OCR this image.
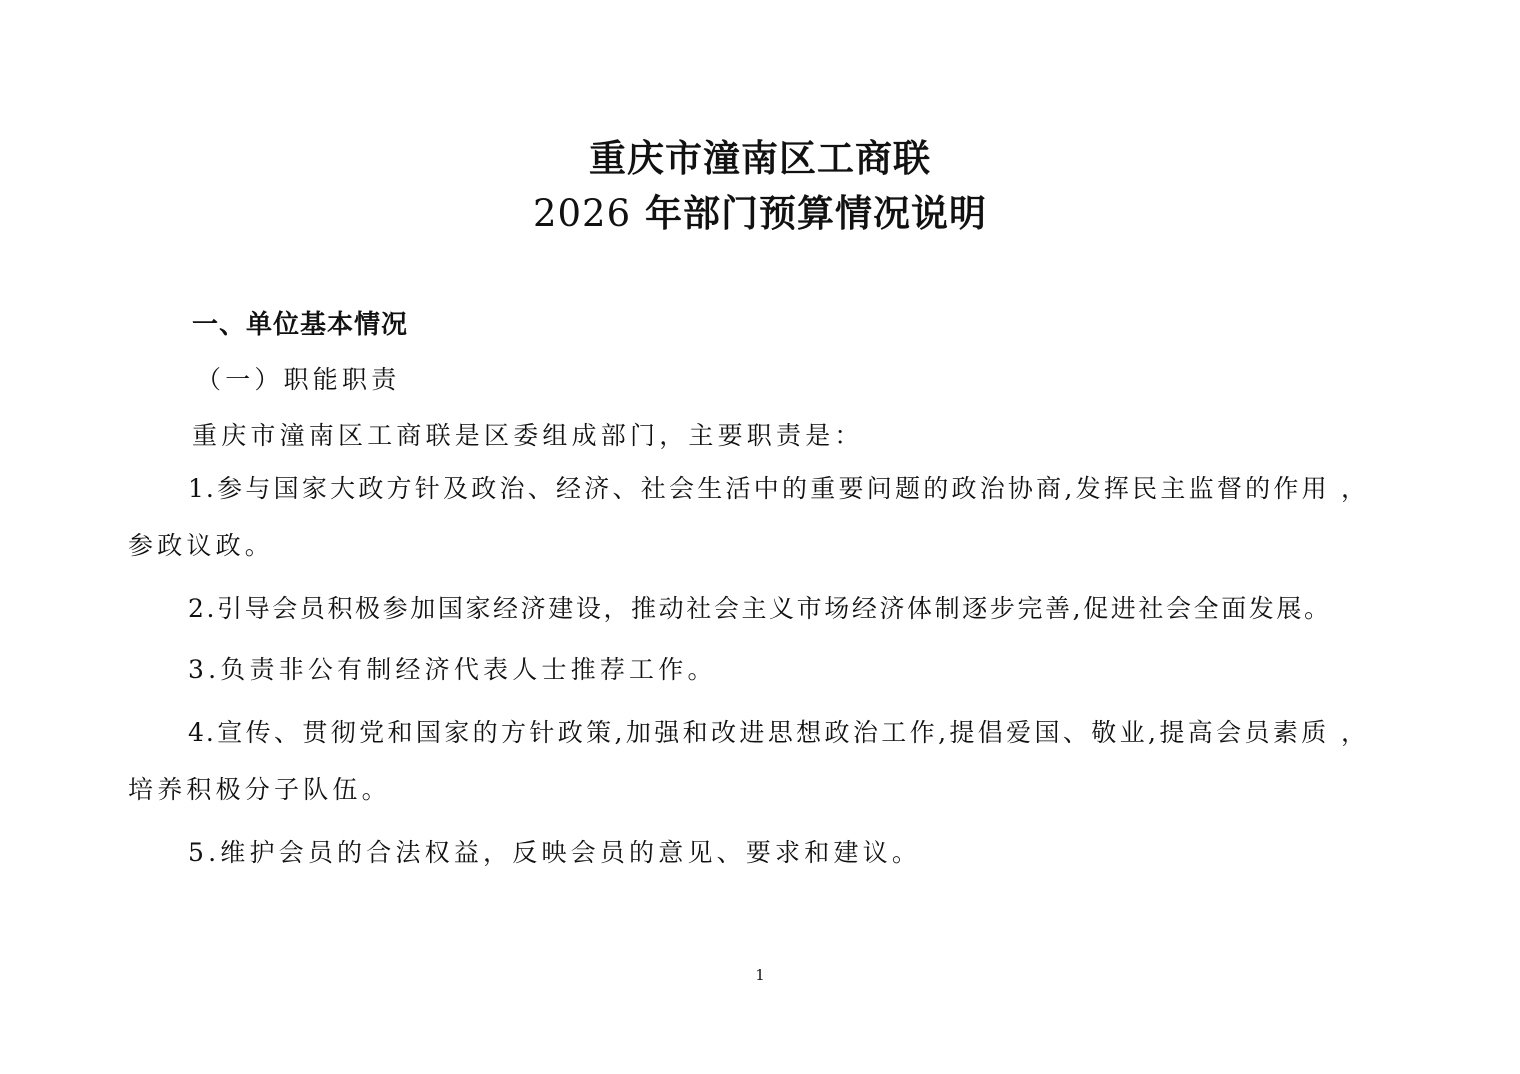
重庆市潼南区工商联
2026 年部门预算情况说明
一、单位基本情况
（一）职能职责
重庆市潼南区工商联是区委组成部门，主要职责是：
1.参与国家大政方针及政治、经济、社会生活中的重要问题的政治协商,发挥民主监督的作用 ，
参政议政。
2.引导会员积极参加国家经济建设，推动社会主义市场经济体制逐步完善,促进社会全面发展。
3.负责非公有制经济代表人士推荐工作。
4.宣传、贯彻党和国家的方针政策,加强和改进思想政治工作,提倡爱国、敬业,提高会员素质 ，
培养积极分子队伍。
5.维护会员的合法权益，反映会员的意见、要求和建议。
1
